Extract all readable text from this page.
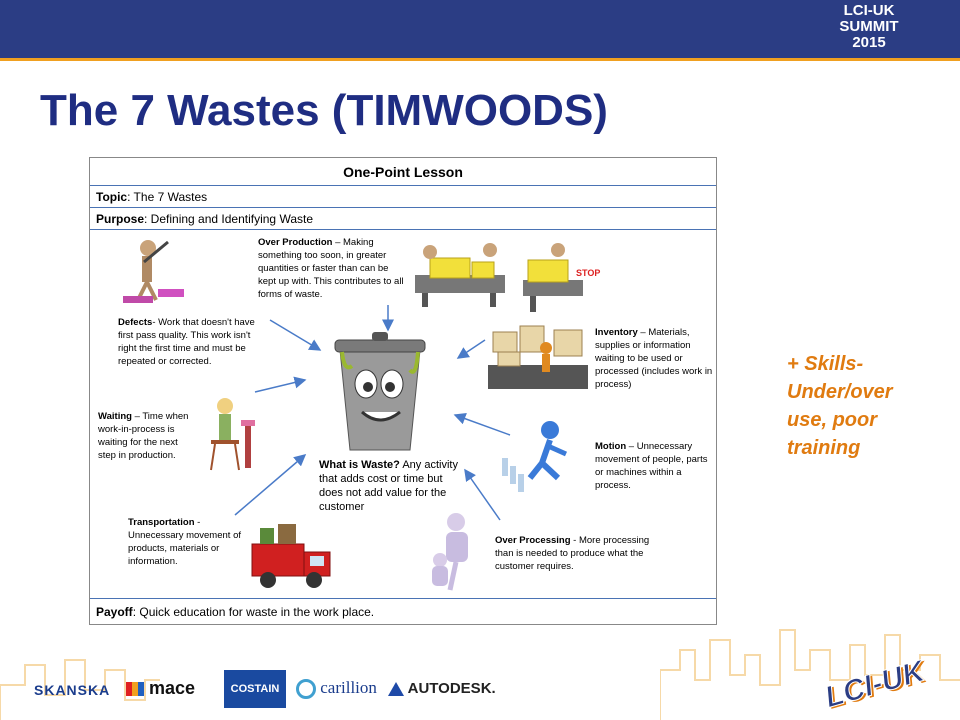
LCI-UK
SUMMIT
2015
The 7 Wastes (TIMWOODS)
One-Point Lesson
Topic: The 7 Wastes
Purpose: Defining and Identifying Waste
STOP
Over Production – Making something too soon, in greater quantities or faster than can be kept up with. This contributes to all forms of waste.
Defects- Work that doesn't have first pass quality. This work isn't right the first time and must be repeated or corrected.
Inventory – Materials, supplies or information waiting to be used or processed (includes work in process)
Waiting – Time when work-in-process is waiting for the next step in production.
Motion – Unnecessary movement of people, parts or machines within a process.
What is Waste? Any activity that adds cost or time but does not add value for the customer
Transportation - Unnecessary movement of products, materials or information.
Over Processing - More processing than is needed to produce what the customer requires.
Payoff: Quick education for waste in the work place.
+ Skills-Under/over use, poor training
SKANSKA	mace	COSTAIN	carillion	AUTODESK.	LCI-UK
